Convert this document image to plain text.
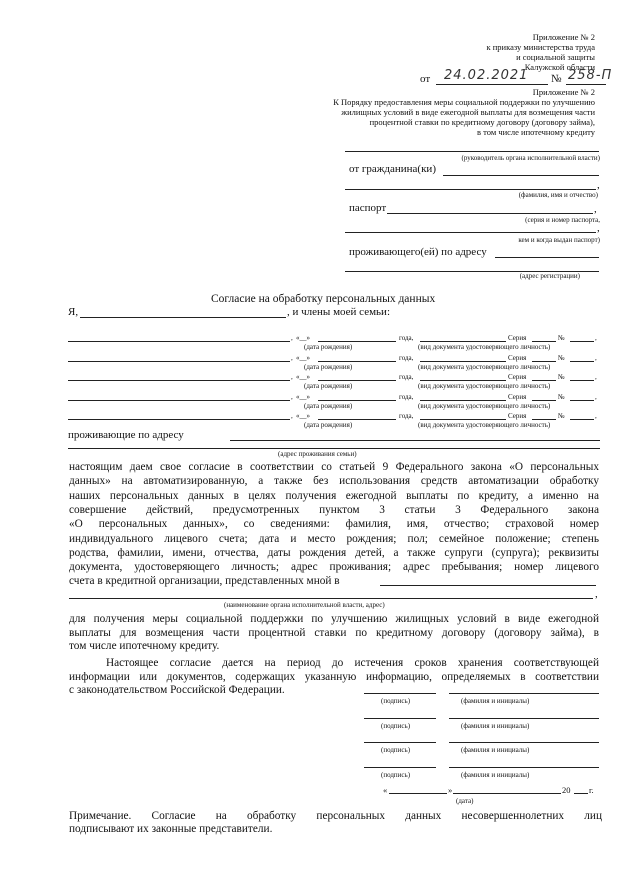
Приложение № 2
к приказу министерства труда
и социальной защиты
Калужской области
от 24.02.2021 № 258-П
Приложение № 2
К Порядку предоставления меры социальной поддержки по улучшению
жилищных условий в виде ежегодной выплаты для возмещения части
процентной ставки по кредитному договору (договору займа),
в том числе ипотечному кредиту
(руководитель органа исполнительной власти)
от гражданина(ки)
,
(фамилия, имя и отчество)
паспорт	,
(серия и номер паспорта,
,
кем и когда выдан паспорт)
проживающего(ей) по адресу
(адрес регистрации)
Согласие на обработку персональных данных
Я,	, и члены моей семьи:
, «__»	года,	Серия	№	,
(дата рождения)	(вид документа удостоверяющего личность)
, «__»	года,	Серия	№	,
(дата рождения)	(вид документа удостоверяющего личность)
, «__»	года,	Серия	№	,
(дата рождения)	(вид документа удостоверяющего личность)
, «__»	года,	Серия	№	,
(дата рождения)	(вид документа удостоверяющего личность)
, «__»	года,	Серия	№	,
(дата рождения)	(вид документа удостоверяющего личность)
проживающие по адресу
(адрес проживания семьи)
настоящим даем свое согласие в соответствии со статьей 9 Федерального закона «О персональных
данных» на автоматизированную, а также без использования средств автоматизации обработку
наших персональных данных в целях получения ежегодной выплаты по кредиту, а именно на
совершение действий, предусмотренных пунктом 3 статьи 3 Федерального закона
«О персональных данных», со сведениями: фамилия, имя, отчество; страховой номер
индивидуального лицевого счета; дата и место рождения; пол; семейное положение; степень
родства, фамилии, имени, отчества, даты рождения детей, а также супруги (супруга); реквизиты
документа, удостоверяющего личность; адрес проживания; адрес пребывания; номер лицевого
счета в кредитной организации, представленных мной в
,
(наименование органа исполнительной власти, адрес)
для получения меры социальной поддержки по улучшению жилищных условий в виде ежегодной
выплаты для возмещения части процентной ставки по кредитному договору (договору займа), в
том числе ипотечному кредиту.
Настоящее согласие дается на период до истечения сроков хранения соответствующей
информации или документов, содержащих указанную информацию, определяемых в соответствии
с законодательством Российской Федерации.
(подпись)	(фамилия и инициалы)
(подпись)	(фамилия и инициалы)
(подпись)	(фамилия и инициалы)
(подпись)	(фамилия и инициалы)
«	»	20 г.
(дата)
Примечание. Согласие на обработку персональных данных несовершеннолетних лиц
подписывают их законные представители.
